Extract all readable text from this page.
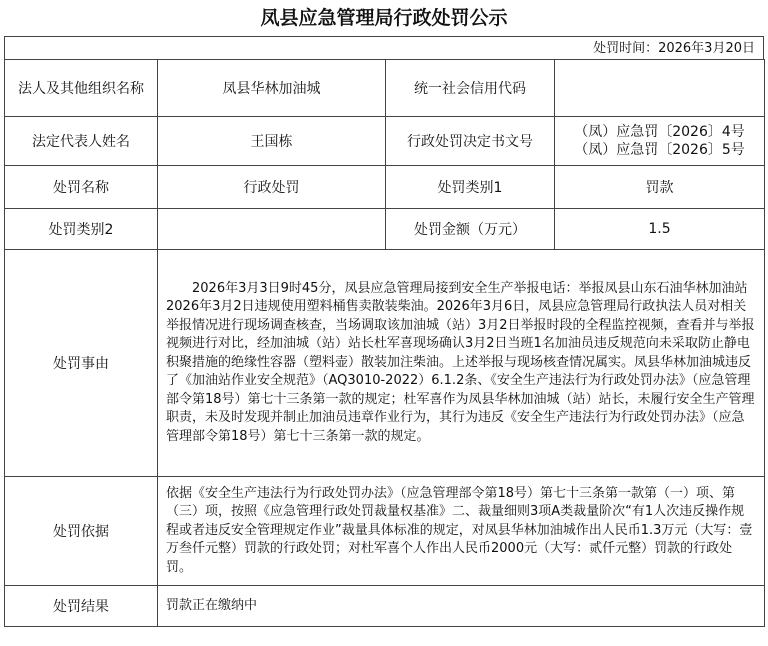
凤县应急管理局行政处罚公示
处罚时间：2026年3月20日
法人及其他组织名称	凤县华林加油城	统一社会信用代码	
法定代表人姓名	王国栋	行政处罚决定书文号	（凤）应急罚〔2026〕4号
（凤）应急罚〔2026〕5号

处罚名称	行政处罚	处罚类别1	罚款
处罚类别2		处罚金额（万元）	1.5
处罚事由	2026年3月3日9时45分，凤县应急管理局接到安全生产举报电话：举报凤县山东石油华林加油站2026年3月2日违规使用塑料桶售卖散装柴油。2026年3月6日，凤县应急管理局行政执法人员对相关举报情况进行现场调查核查，当场调取该加油城（站）3月2日举报时段的全程监控视频，查看并与举报视频进行对比，经加油城（站）站长杜军喜现场确认3月2日当班1名加油员违反规范向未采取防止静电积聚措施的绝缘性容器（塑料壶）散装加注柴油。上述举报与现场核查情况属实。凤县华林加油城违反了《加油站作业安全规范》（AQ3010-2022）6.1.2条、《安全生产违法行为行政处罚办法》（应急管理部令第18号）第七十三条第一款的规定；杜军喜作为凤县华林加油城（站）站长，未履行安全生产管理职责，未及时发现并制止加油员违章作业行为，其行为违反《安全生产违法行为行政处罚办法》（应急管理部令第18号）第七十三条第一款的规定。		

处罚依据	依据《安全生产违法行为行政处罚办法》（应急管理部令第18号）第七十三条第一款第（一）项、第（三）项，按照《应急管理行政处罚裁量权基准》二、裁量细则3项A类裁量阶次“有1人次违反操作规程或者违反安全管理规定作业”裁量具体标准的规定，对凤县华林加油城作出人民币1.3万元（大写：壹万叁仟元整）罚款的行政处罚；对杜军喜个人作出人民币2000元（大写：贰仟元整）罚款的行政处罚。		
处罚结果	罚款正在缴纳中		
